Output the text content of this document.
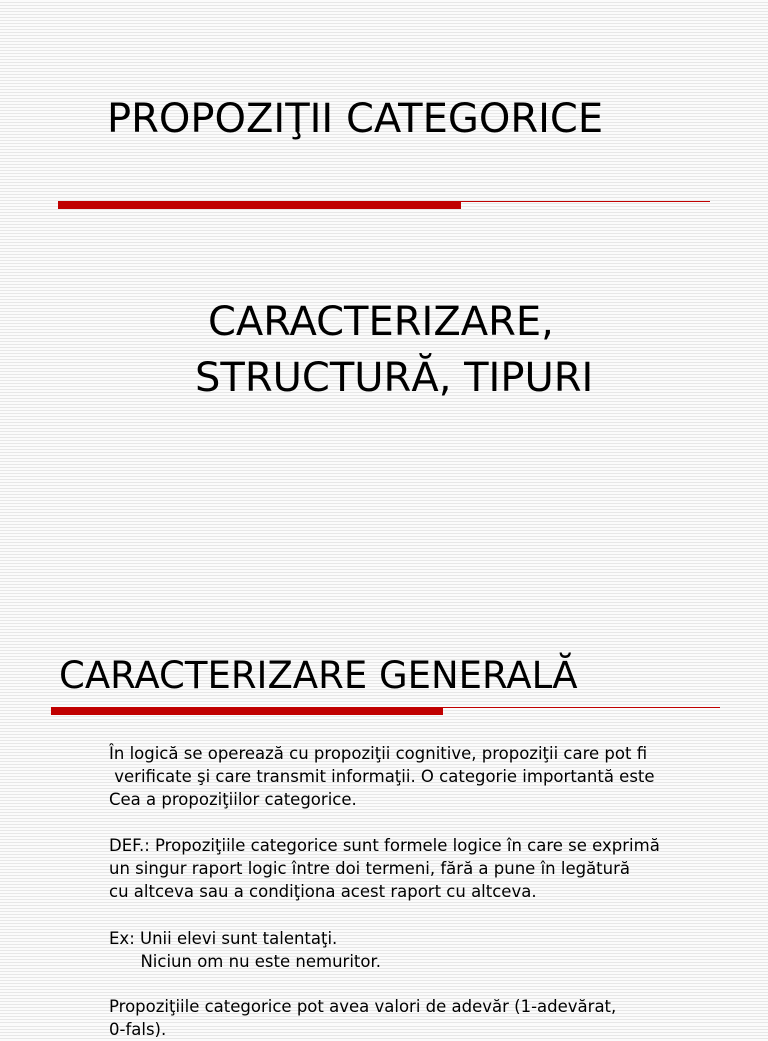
PROPOZIŢII CATEGORICE
CARACTERIZARE,
STRUCTURĂ, TIPURI
CARACTERIZARE GENERALĂ
În logică se operează cu propoziţii cognitive, propoziţii care pot fi
verificate şi care transmit informaţii. O categorie importantă este
Cea a propoziţiilor categorice.
DEF.: Propoziţiile categorice sunt formele logice în care se exprimă
un singur raport logic între doi termeni, fără a pune în legătură
cu altceva sau a condiţiona acest raport cu altceva.
Ex: Unii elevi sunt talentaţi.
Niciun om nu este nemuritor.
Propoziţiile categorice pot avea valori de adevăr (1-adevărat,
0-fals).
